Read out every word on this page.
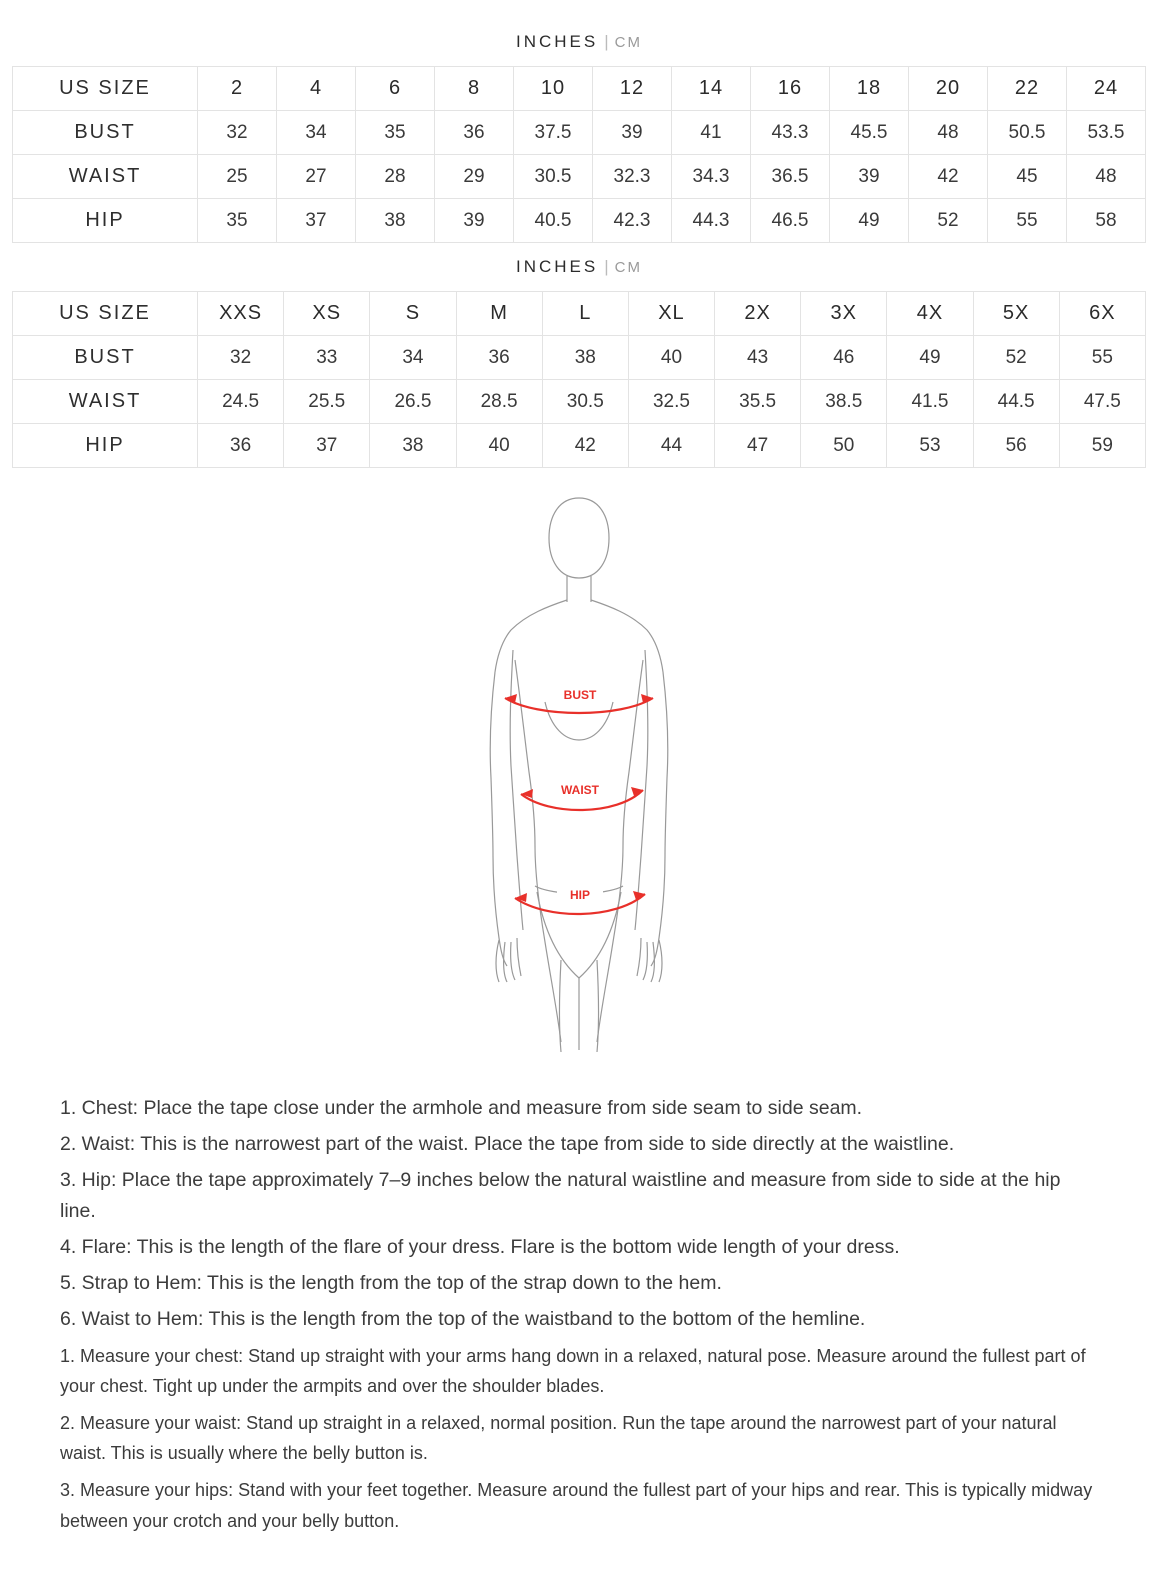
INCHES | CM
US SIZE	2	4	6	8	10	12	14	16	18	20	22	24
BUST	32	34	35	36	37.5	39	41	43.3	45.5	48	50.5	53.5
WAIST	25	27	28	29	30.5	32.3	34.3	36.5	39	42	45	48
HIP	35	37	38	39	40.5	42.3	44.3	46.5	49	52	55	58
INCHES | CM
US SIZE	XXS	XS	S	M	L	XL	2X	3X	4X	5X	6X
BUST	32	33	34	36	38	40	43	46	49	52	55
WAIST	24.5	25.5	26.5	28.5	30.5	32.5	35.5	38.5	41.5	44.5	47.5
HIP	36	37	38	40	42	44	47	50	53	56	59
BUST
WAIST
HIP

1. Chest: Place the tape close under the armhole and measure from side seam to side seam.

2. Waist: This is the narrowest part of the waist. Place the tape from side to side directly at the waistline.

3. Hip: Place the tape approximately 7–9 inches below the natural waistline and measure from side to side at the hip line.

4. Flare: This is the length of the flare of your dress. Flare is the bottom wide length of your dress.

5. Strap to Hem: This is the length from the top of the strap down to the hem.

6. Waist to Hem: This is the length from the top of the waistband to the bottom of the hemline.

1. Measure your chest: Stand up straight with your arms hang down in a relaxed, natural pose. Measure around the fullest part of your chest. Tight up under the armpits and over the shoulder blades.

2. Measure your waist: Stand up straight in a relaxed, normal position. Run the tape around the narrowest part of your natural waist. This is usually where the belly button is.

3. Measure your hips: Stand with your feet together. Measure around the fullest part of your hips and rear. This is typically midway between your crotch and your belly button.
